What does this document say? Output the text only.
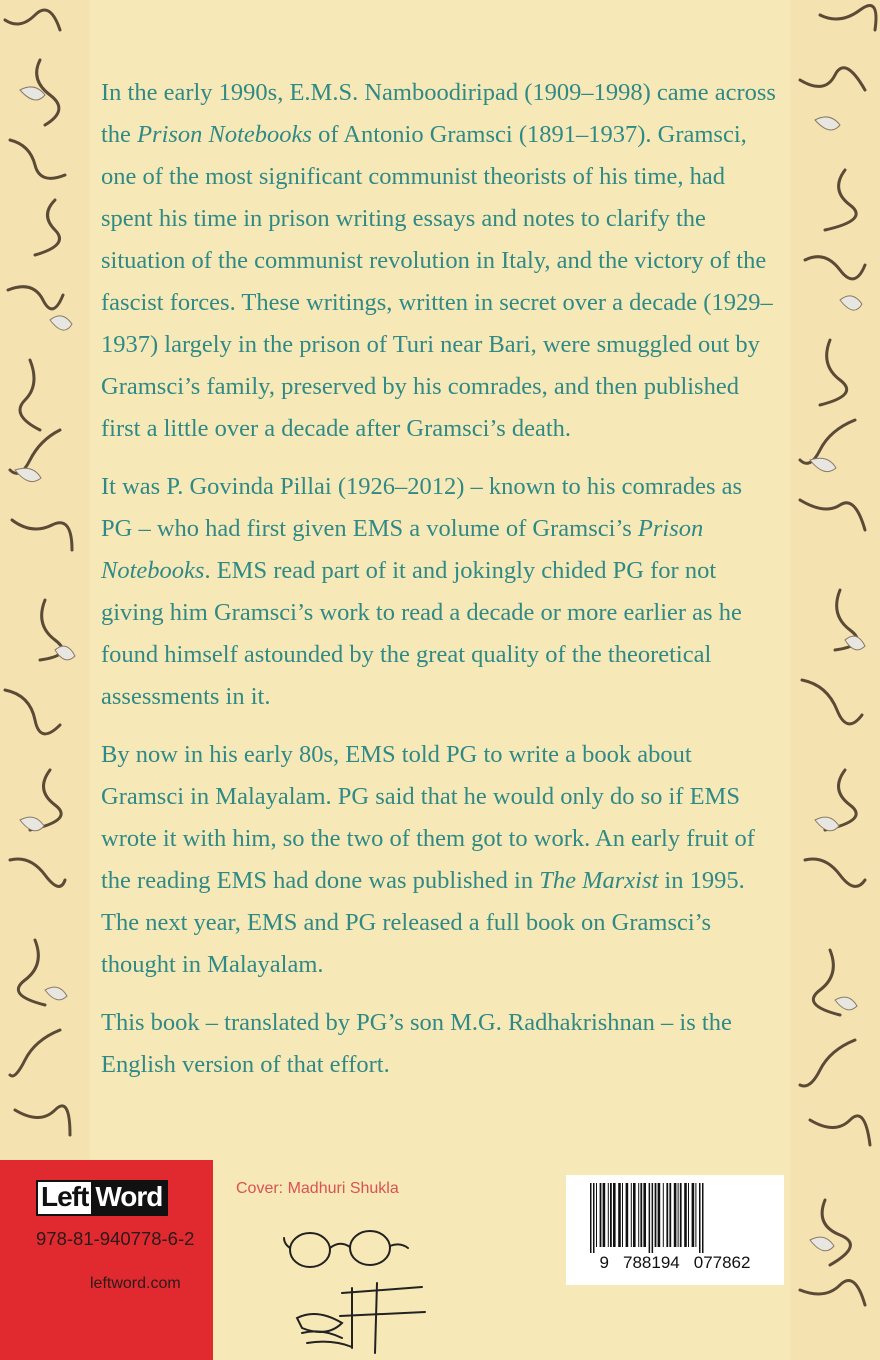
In the early 1990s, E.M.S. Namboodiripad (1909–1998) came across the Prison Notebooks of Antonio Gramsci (1891–1937). Gramsci, one of the most significant communist theorists of his time, had spent his time in prison writing essays and notes to clarify the situation of the communist revolution in Italy, and the victory of the fascist forces. These writings, written in secret over a decade (1929–1937) largely in the prison of Turi near Bari, were smuggled out by Gramsci’s family, preserved by his comrades, and then published first a little over a decade after Gramsci’s death.

It was P. Govinda Pillai (1926–2012) – known to his comrades as PG – who had first given EMS a volume of Gramsci’s Prison Notebooks. EMS read part of it and jokingly chided PG for not giving him Gramsci’s work to read a decade or more earlier as he found himself astounded by the great quality of the theoretical assessments in it.

By now in his early 80s, EMS told PG to write a book about Gramsci in Malayalam. PG said that he would only do so if EMS wrote it with him, so the two of them got to work. An early fruit of the reading EMS had done was published in The Marxist in 1995. The next year, EMS and PG released a full book on Gramsci’s thought in Malayalam.

This book – translated by PG’s son M.G. Radhakrishnan – is the English version of that effort.

Left Word
978-81-940778-6-2
leftword.com
Cover: Madhuri Shukla
9 788194 077862
